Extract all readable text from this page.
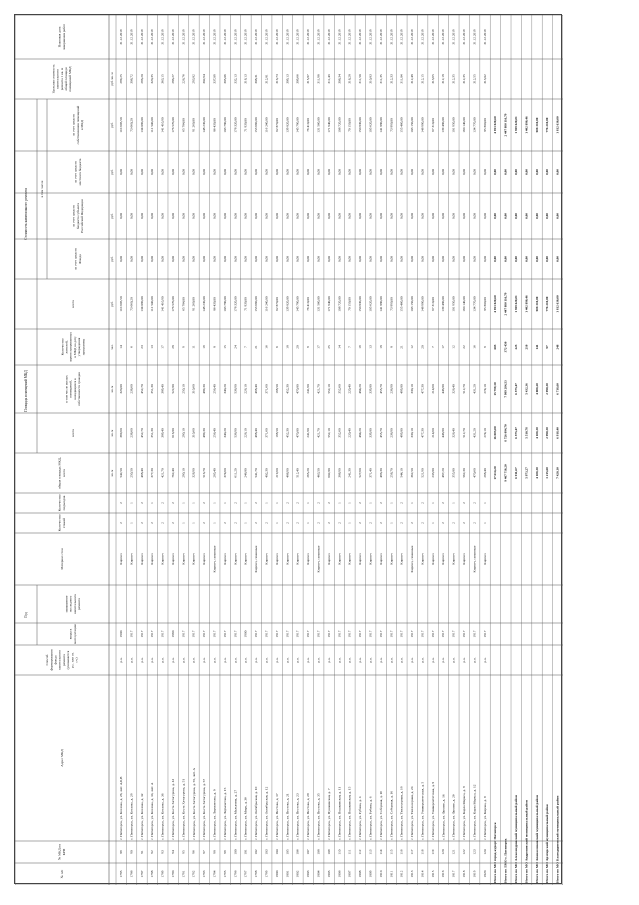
№ п/п
№ МКД по КРП
Адрес МКД
Способ формирования фонда капитального ремонта (указывается р.с. или со. сч.)
Год
ввода в эксплуатацию
завершение последнего капитального ремонта
Материал стен
Количество этажей
Количество подъездов
общая площадь МКД, всего
Площадь помещений МКД
всего
в том числе жилых помещений, находящихся в собственности граждан
Количество жителей, зарегистрированных в МКД на дату утверждения программы
Стоимость капитального ремонта
всего
в том числе
за счет средств Фонда
за счет средств бюджета субъекта Российской Федерации
за счет средств местного бюджета
за счет средств собственников помещений в МКД
Удельная стоимость капитального ремонта 1 кв. м общей площади помещений МКД
Плановая дата завершения работ
кв. м
кв. м
кв. м
чел.
руб.
руб.
руб.
руб.
руб.
руб./кв. м
1785
89
г. Пятигорск, ул. Козлова, д. 26, лит. А,Б,В
р.о.
1900
Кирпич
2
2
542,50
369,60
320,00
14
110 605,50
0,00
0,00
0,00
110 605,50
299,25
31.12.2019
1786
90
г. Пятигорск, ул. Козлова, д. 28
р.о.
1917
Кирпич
1
1
250,50
238,60
238,60
6
73 660,20
0,00
0,00
0,00
73 660,20
308,72
31.12.2019
1787
91
г. Пятигорск, ул. Козлова, д. 32
р.о.
1917
Кирпич
2
2
498,40
452,70
452,70
23
134 090,00
0,00
0,00
0,00
134 090,00
296,20
31.12.2019
1788
92
г. Пятигорск, ул. Козлова, д. 34, лит. А
р.о.
1917
Кирпич
2
1
377,30
351,30
351,30
13
112 540,00
0,00
0,00
0,00
112 540,00
320,35
31.12.2019
1789
93
г. Пятигорск, ул. Козлова, д. 36
р.о.
1917
Кирпич
2
2
421,70
389,40
389,40
17
141 410,90
0,00
0,00
0,00
141 410,90
363,15
31.12.2019
1790
94
г. Пятигорск, ул. Коста Хетагурова, д. 43
р.о.
1960
Кирпич
2
2
762,40
616,80
522,80
28
176 570,00
0,00
0,00
0,00
176 570,00
286,27
31.12.2019
1791
95
г. Пятигорск, ул. Коста Хетагурова, д. 51
р.о.
1917
Кирпич
1
1
290,10
290,10
250,10
9
65 784,00
0,00
0,00
0,00
65 784,00
226,76
31.12.2019
1792
96
г. Пятигорск, ул. Коста Хетагурова, д. 55, лит. А
р.о.
1917
Кирпич
1
1
328,90
310,60
310,60
11
91 260,00
0,00
0,00
0,00
91 260,00
293,82
31.12.2019
1793
97
г. Пятигорск, ул. Коста Хетагурова, д. 57
р.о.
1917
Кирпич
2
2
516,70
489,30
489,30
19
148 230,00
0,00
0,00
0,00
148 230,00
302,94
31.12.2019
1794
98
г. Пятигорск, ул. Лермонтова, д. 9
р.о.
1917
Кирпич, саманные
1
1
285,40
256,40
256,40
8
86 430,00
0,00
0,00
0,00
86 430,00
337,09
31.12.2019
1795
99
г. Пятигорск, ул. Лермонтова, д. 15
р.о.
1917
Кирпич
2
1
374,60
340,20
340,20
15
103 780,00
0,00
0,00
0,00
103 780,00
305,06
31.12.2019
1796
100
г. Пятигорск, ул. Малыгина, д. 27
р.о.
1917
Кирпич
2
2
611,20
536,90
536,90
24
178 320,00
0,00
0,00
0,00
178 320,00
332,13
31.12.2019
1797
101
г. Пятигорск, ул. Мира, д. 30
р.о.
1900
Кирпич
1
1
246,80
226,10
226,10
7
71 930,00
0,00
0,00
0,00
71 930,00
318,13
31.12.2019
1798
102
г. Пятигорск, ул. Октябрьская, д. 10
р.о.
1917
Кирпич, саманные
2
2
541,70
498,40
498,40
21
153 660,00
0,00
0,00
0,00
153 660,00
308,31
31.12.2019
1799
103
г. Пятигорск, ул. Октябрьская, д. 12
р.о.
1917
Кирпич
2
1
402,30
371,60
371,60
16
116 240,00
0,00
0,00
0,00
116 240,00
312,81
31.12.2019
1800
104
г. Пятигорск, ул. Пестова, д. 17
р.о.
1917
Кирпич
1
1
219,60
198,50
198,50
6
62 870,00
0,00
0,00
0,00
62 870,00
316,73
31.12.2019
1801
105
г. Пятигорск, ул. Пестова, д. 21
р.о.
1917
Кирпич
2
2
488,90
452,30
452,30
18
139 820,00
0,00
0,00
0,00
139 820,00
309,13
31.12.2019
1802
106
г. Пятигорск, ул. Пестова, д. 23
р.о.
1917
Кирпич
2
2
512,40
470,80
470,80
20
145 790,00
0,00
0,00
0,00
145 790,00
309,66
31.12.2019
1803
107
г. Пятигорск, ул. Пестова, д. 29
р.о.
1917
Кирпич
1
1
265,20
241,90
241,90
9
76 410,00
0,00
0,00
0,00
76 410,00
315,87
31.12.2019
1804
108
г. Пятигорск, ул. Пестова, д. 35
р.о.
1917
Кирпич, саманные
2
2
463,50
421,70
421,70
17
131 560,00
0,00
0,00
0,00
131 560,00
311,98
31.12.2019
1805
109
г. Пятигорск, ул. Пушкинская, д. 7
р.о.
1917
Кирпич
2
2
602,80
552,10
552,10
25
171 940,00
0,00
0,00
0,00
171 940,00
311,43
31.12.2019
1806
110
г. Пятигорск, ул. Пушкинская, д. 11
р.о.
1917
Кирпич
2
1
388,90
352,60
352,60
14
108 720,00
0,00
0,00
0,00
108 720,00
308,34
31.12.2019
1807
111
г. Пятигорск, ул. Пушкинская, д. 15
р.о.
1917
Кирпич
1
1
241,30
220,40
220,40
7
70 150,00
0,00
0,00
0,00
70 150,00
318,28
31.12.2019
1808
112
г. Пятигорск, ул. Рубина, д. 4
р.о.
1917
Кирпич
2
2
527,60
484,20
484,20
19
150 830,00
0,00
0,00
0,00
150 830,00
311,50
31.12.2019
1809
113
г. Пятигорск, ул. Рубина, д. 6
р.о.
1917
Кирпич
2
1
371,40
339,80
339,80
13
105 620,00
0,00
0,00
0,00
105 620,00
310,83
31.12.2019
1810
114
г. Пятигорск, ул. Соборная, д. 10
р.о.
1917
Кирпич
2
2
496,30
455,70
455,70
18
141 880,00
0,00
0,00
0,00
141 880,00
311,35
31.12.2019
1811
115
г. Пятигорск, ул. Соборная, д. 16
р.о.
1917
Кирпич
1
1
258,70
236,90
236,90
8
73 990,00
0,00
0,00
0,00
73 990,00
312,33
31.12.2019
1812
116
г. Пятигорск, ул. Теплосерная, д. 18
р.о.
1917
Кирпич
2
2
544,10
499,80
499,80
21
155 460,00
0,00
0,00
0,00
155 460,00
311,04
31.12.2019
1813
117
г. Пятигорск, ул. Теплосерная, д. 24
р.о.
1917
Кирпич, саманные
2
1
362,50
330,10
330,10
12
103 150,00
0,00
0,00
0,00
103 150,00
312,48
31.12.2019
1814
118
г. Пятигорск, ул. Университетская, д. 5
р.о.
1917
Кирпич
2
2
521,90
477,30
477,30
20
148 990,00
0,00
0,00
0,00
148 990,00
312,15
31.12.2019
1815
119
г. Пятигорск, ул. Университетская, д. 9
р.о.
1917
Кирпич
1
1
233,80
214,60
214,60
7
67 310,00
0,00
0,00
0,00
67 310,00
313,65
31.12.2019
1816
120
г. Пятигорск, ул. Фрунзе, д. 16
р.о.
1917
Кирпич
2
2
487,20
446,80
446,80
17
139 480,00
0,00
0,00
0,00
139 480,00
312,18
31.12.2019
1817
121
г. Пятигорск, ул. Фрунзе, д. 20
р.о.
1917
Кирпич
2
1
355,80
326,40
326,40
12
101 950,00
0,00
0,00
0,00
101 950,00
312,35
31.12.2019
1818
122
г. Пятигорск, ул. Карла Маркса, д. 8
р.о.
1917
Кирпич
2
2
562,30
512,70
512,70
22
160 140,00
0,00
0,00
0,00
160 140,00
312,35
31.12.2019
1819
123
г. Пятигорск, ул. Карла Маркса, д. 12
р.о.
1917
Кирпич, саманные
2
2
470,60
431,20
431,20
16
134 770,00
0,00
0,00
0,00
134 770,00
312,55
31.12.2019
1820
124
г. Пятигорск, ул. Кирова, д. 9
р.о.
1917
Кирпич
1
1
298,40
274,10
274,10
9
85 800,00
0,00
0,00
0,00
85 800,00
313,02
31.12.2019
Итого по МО город-курорт Пятигорск
17 614,20
16 005,00
15 799,30
605
4 953 020,60
0,00
0,00
0,00
4 953 020,60
Итого по ЛМО г. Пятигорск
9 467 710,20
8 726 094,70
7 989 284,53
372 450
2 447 880 116,79
0,00
0,00
0,00
2 447 880 116,79
Итого по МО Александровский муниципальный район
6 911,67
6 575,47
6 575,47
225
1 599 620,81
0,00
0,00
0,00
1 599 620,81
Итого по МО Андроповский муниципальный район
5 973,27
5 510,78
5 432,36
210
1 402 890,46
0,00
0,00
0,00
1 402 890,46
Итого по МО Апанасенковский муниципальный район
4 108,30
4 108,30
4 008,20
141
988 310,00
0,00
0,00
0,00
988 310,00
Итого по МО Арзгирский муниципальный район
3 215,60
2 990,30
2 990,30
97
776 210,00
0,00
0,00
0,00
776 210,00
Итого по МО Благодарненский муниципальный район
7 420,10
6 918,40
6 718,60
248
1 812 630,00
0,00
0,00
0,00
1 812 630,00
